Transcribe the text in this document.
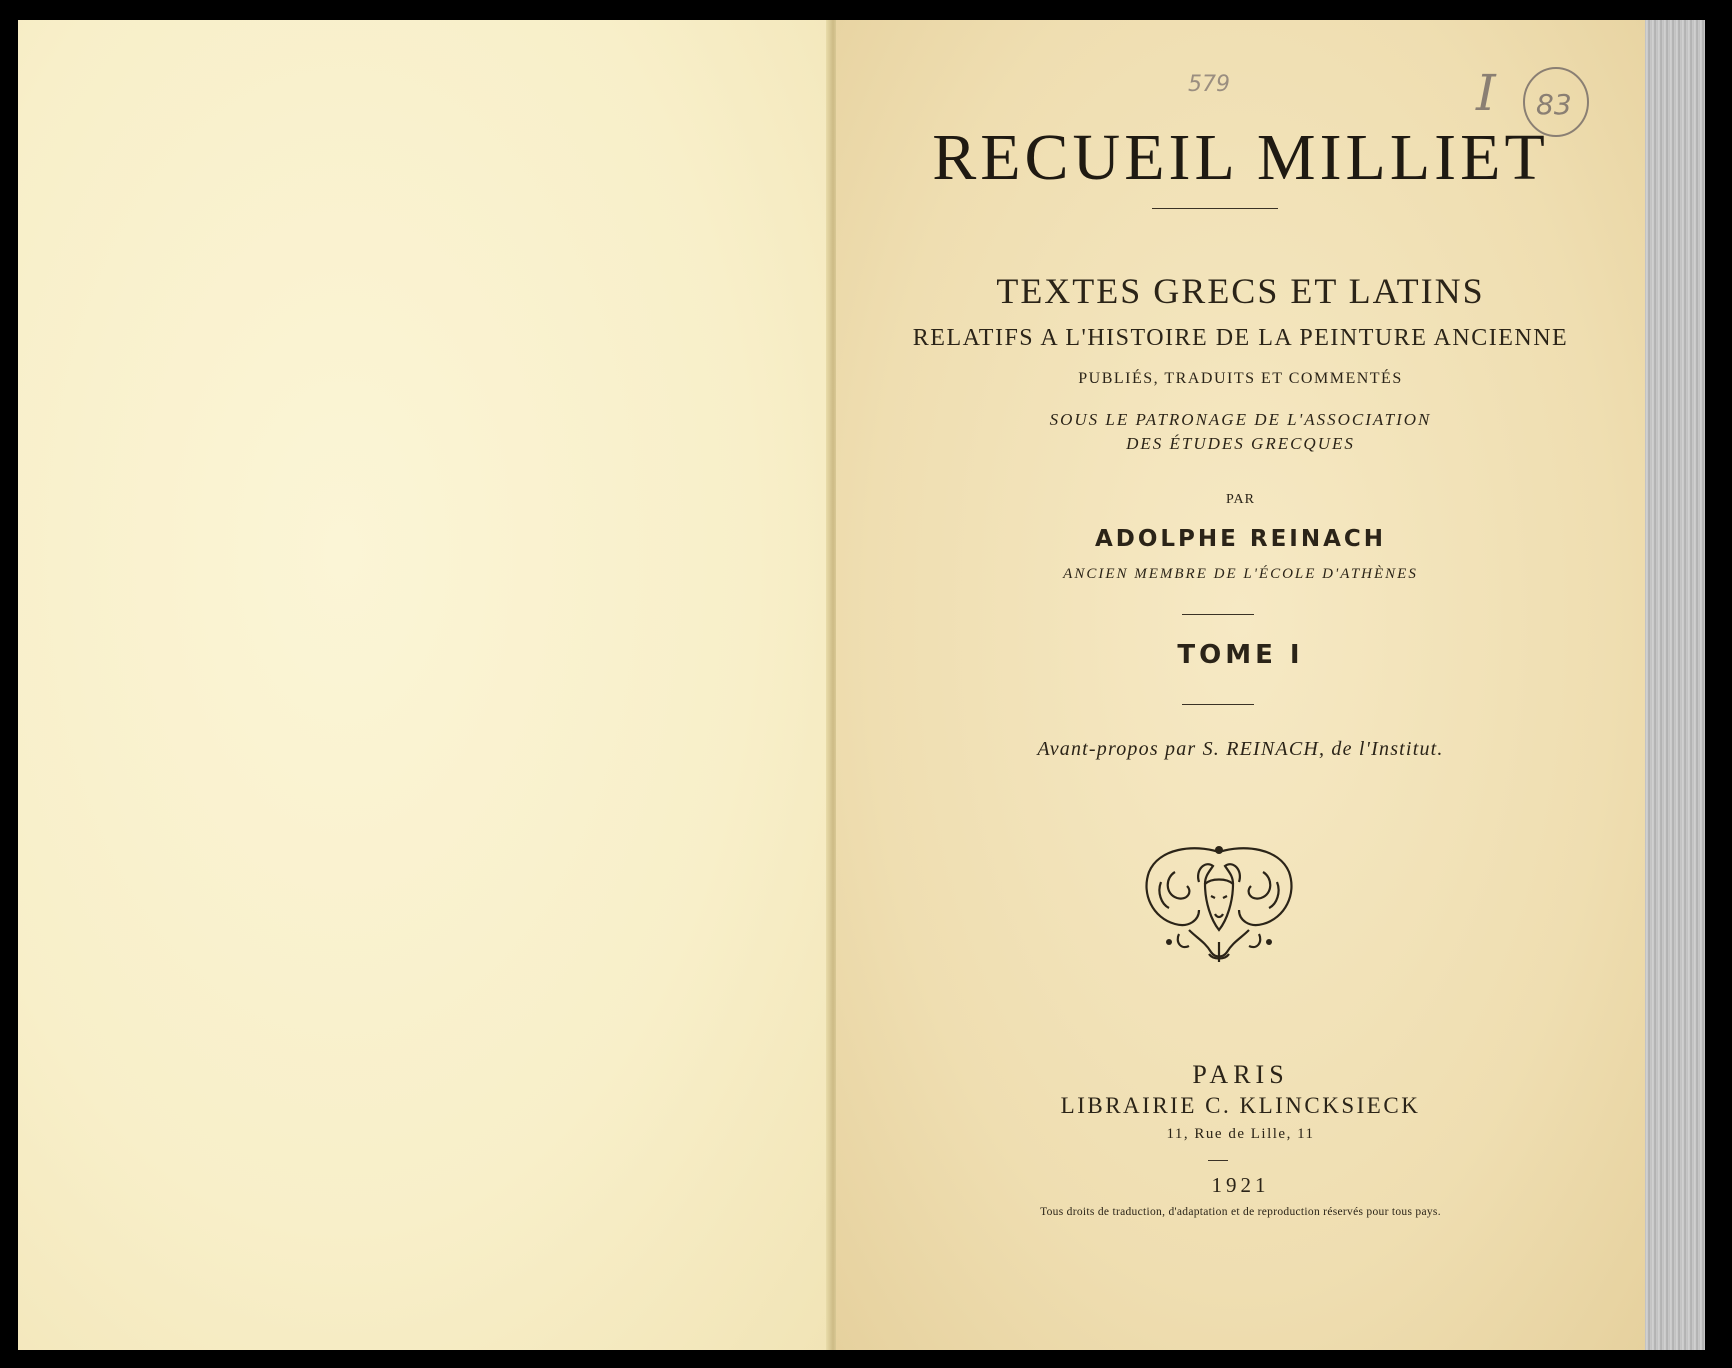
579	I 83
RECUEIL MILLIET
TEXTES GRECS ET LATINS
RELATIFS A L'HISTOIRE DE LA PEINTURE ANCIENNE
PUBLIÉS, TRADUITS ET COMMENTÉS
SOUS LE PATRONAGE DE L'ASSOCIATION
DES ÉTUDES GRECQUES
PAR
ADOLPHE REINACH
ANCIEN MEMBRE DE L'ÉCOLE D'ATHÈNES
TOME I
Avant-propos par S. REINACH, de l'Institut.
PARIS
LIBRAIRIE C. KLINCKSIECK
11, Rue de Lille, 11
1921
Tous droits de traduction, d'adaptation et de reproduction réservés pour tous pays.
